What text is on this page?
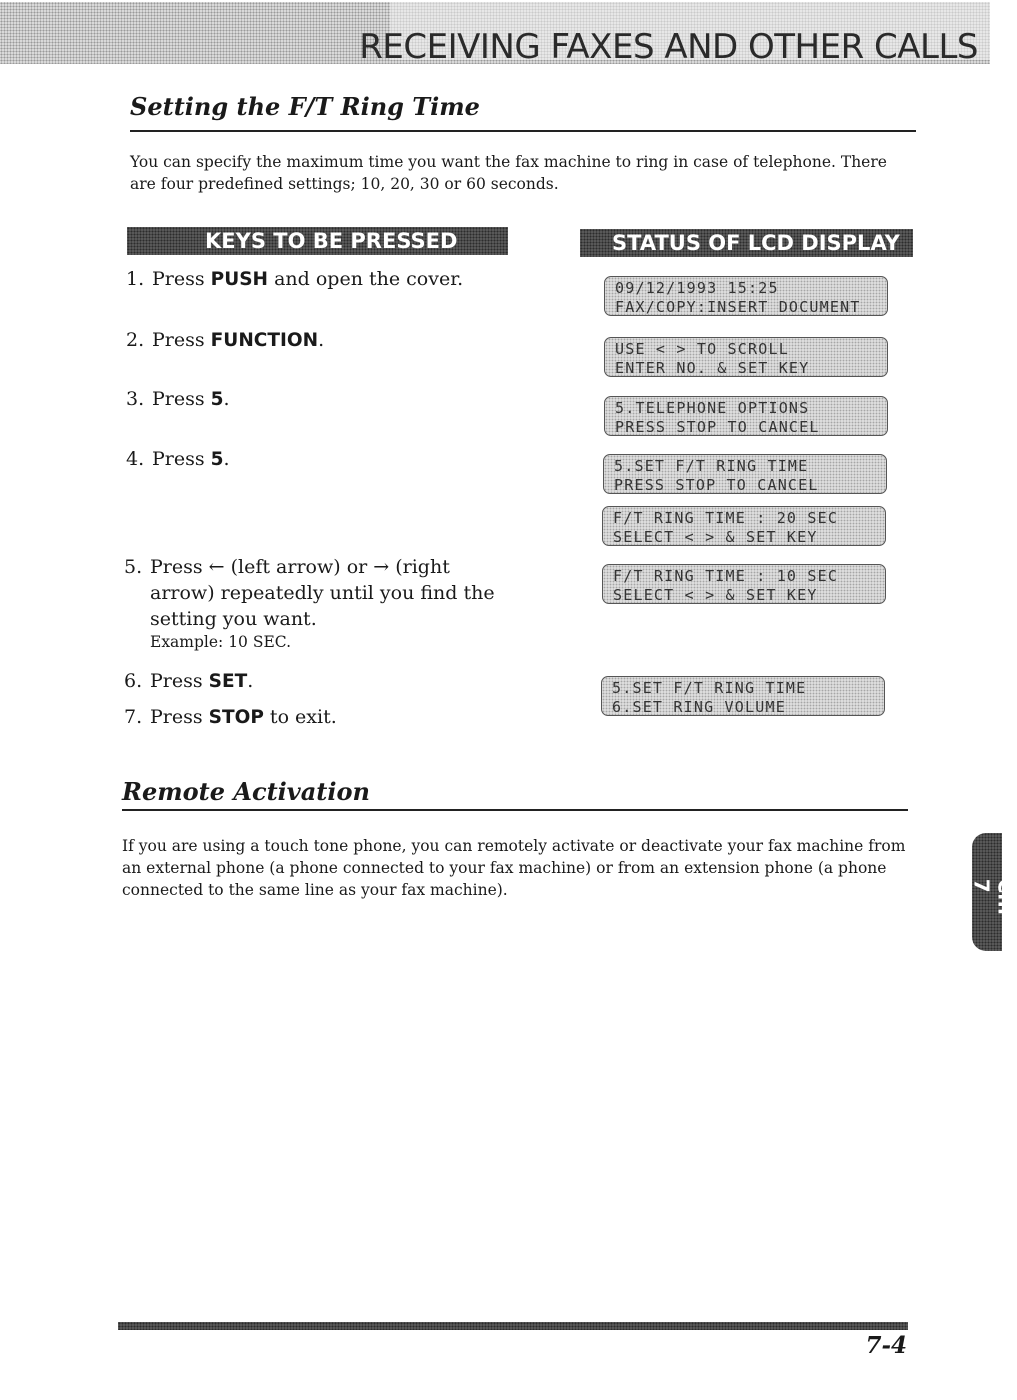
RECEIVING FAXES AND OTHER CALLS
Setting the F/T Ring Time

You can specify the maximum time you want the fax machine to ring in case of telephone. There
are four predefined settings; 10, 20, 30 or 60 seconds.

KEYS TO BE PRESSED	STATUS OF LCD DISPLAY

1. Press PUSH and open the cover.

2. Press FUNCTION.

3. Press 5.

4. Press 5.

5. Press ← (left arrow) or → (right
arrow) repeatedly until you find the
setting you want.
Example: 10 SEC.

6. Press SET.

7. Press STOP to exit.

09/12/1993 15:25
FAX/COPY:INSERT DOCUMENT
USE < > TO SCROLL
ENTER NO. & SET KEY
5.TELEPHONE OPTIONS
PRESS STOP TO CANCEL
5.SET F/T RING TIME
PRESS STOP TO CANCEL
F/T RING TIME : 20 SEC
SELECT < > & SET KEY
F/T RING TIME : 10 SEC
SELECT < > & SET KEY
5.SET F/T RING TIME
6.SET RING VOLUME
Remote Activation

If you are using a touch tone phone, you can remotely activate or deactivate your fax machine from
an external phone (a phone connected to your fax machine) or from an extension phone (a phone
connected to the same line as your fax machine).	Ch. 7

7-4
